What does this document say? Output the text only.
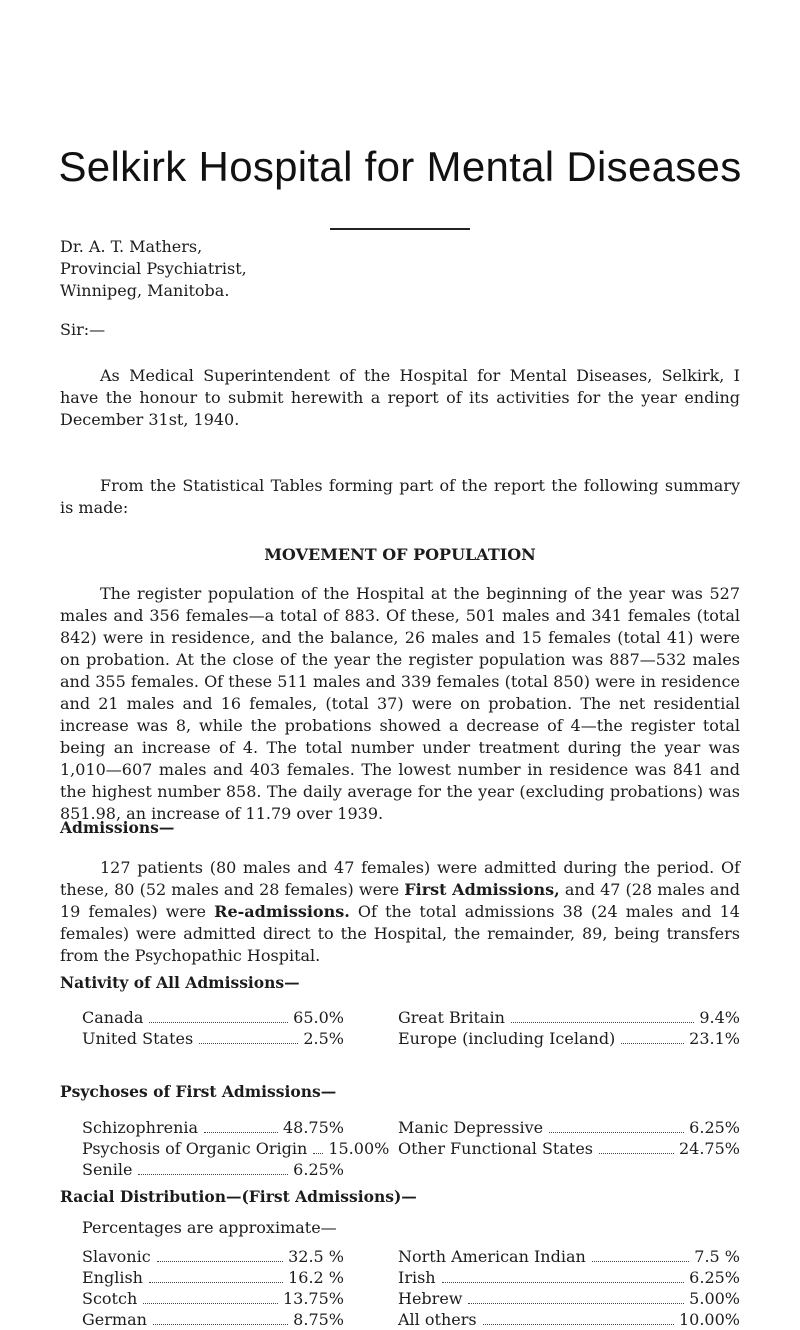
Selkirk Hospital for Mental Diseases
Dr. A. T. Mathers,
Provincial Psychiatrist,
Winnipeg, Manitoba.
Sir:—

As Medical Superintendent of the Hospital for Mental Diseases, Selkirk, I have the honour to submit herewith a report of its activities for the year ending December 31st, 1940.

From the Statistical Tables forming part of the report the following summary is made:

MOVEMENT OF POPULATION

The register population of the Hospital at the beginning of the year was 527 males and 356 females—a total of 883. Of these, 501 males and 341 females (total 842) were in residence, and the balance, 26 males and 15 females (total 41) were on probation. At the close of the year the register population was 887—532 males and 355 females. Of these 511 males and 339 females (total 850) were in residence and 21 males and 16 females, (total 37) were on probation. The net residential increase was 8, while the probations showed a decrease of 4—the register total being an increase of 4. The total number under treatment during the year was 1,010—607 males and 403 females. The lowest number in residence was 841 and the highest number 858. The daily average for the year (excluding probations) was 851.98, an increase of 11.79 over 1939.

Admissions—

127 patients (80 males and 47 females) were admitted during the period. Of these, 80 (52 males and 28 females) were First Admissions, and 47 (28 males and 19 females) were Re-admissions. Of the total admissions 38 (24 males and 14 females) were admitted direct to the Hospital, the remainder, 89, being transfers from the Psychopathic Hospital.

Nativity of All Admissions—
Canada	65.0%
United States	2.5%
Great Britain	9.4%
Europe (including Iceland)	23.1%
Psychoses of First Admissions—
Schizophrenia	48.75%
Psychosis of Organic Origin 15.00%
Senile	6.25%
Manic Depressive	6.25%
Other Functional States	24.75%
Racial Distribution—(First Admissions)—
Percentages are approximate—
Slavonic	32.5 %
English	16.2 %
Scotch	13.75%
German	8.75%
North American Indian	7.5 %
Irish	6.25%
Hebrew	5.00%
All others	10.00%
